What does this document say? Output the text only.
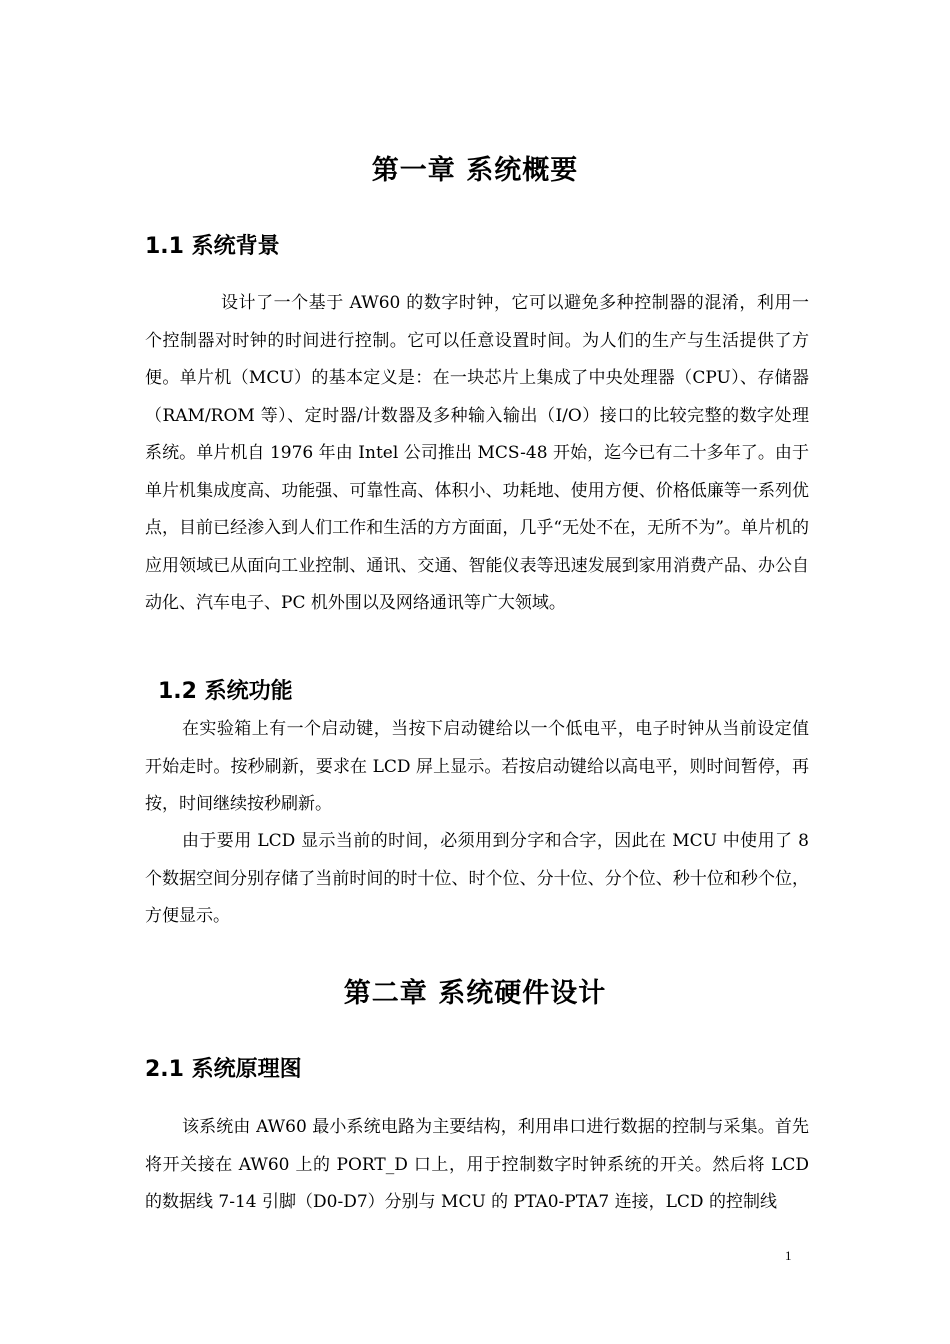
第一章 系统概要
1.1 系统背景

设计了一个基于 AW60 的数字时钟，它可以避免多种控制器的混淆，利用一个控制器对时钟的时间进行控制。它可以任意设置时间。为人们的生产与生活提供了方便。单片机（MCU）的基本定义是：在一块芯片上集成了中央处理器（CPU）、存储器（RAM/ROM 等）、定时器/计数器及多种输入输出（I/O）接口的比较完整的数字处理系统。单片机自 1976 年由 Intel 公司推出 MCS-48 开始，迄今已有二十多年了。由于单片机集成度高、功能强、可靠性高、体积小、功耗地、使用方便、价格低廉等一系列优点，目前已经渗入到人们工作和生活的方方面面，几乎“无处不在，无所不为”。单片机的应用领域已从面向工业控制、通讯、交通、智能仪表等迅速发展到家用消费产品、办公自动化、汽车电子、PC 机外围以及网络通讯等广大领域。

1.2 系统功能

在实验箱上有一个启动键，当按下启动键给以一个低电平，电子时钟从当前设定值开始走时。按秒刷新，要求在 LCD 屏上显示。若按启动键给以高电平，则时间暂停，再按，时间继续按秒刷新。

由于要用 LCD 显示当前的时间，必须用到分字和合字，因此在 MCU 中使用了 8 个数据空间分别存储了当前时间的时十位、时个位、分十位、分个位、秒十位和秒个位，方便显示。

第二章 系统硬件设计
2.1 系统原理图

该系统由 AW60 最小系统电路为主要结构，利用串口进行数据的控制与采集。首先将开关接在 AW60 上的 PORT_D 口上，用于控制数字时钟系统的开关。然后将 LCD 的数据线 7-14 引脚（D0-D7）分别与 MCU 的 PTA0-PTA7 连接，LCD 的控制线

1
